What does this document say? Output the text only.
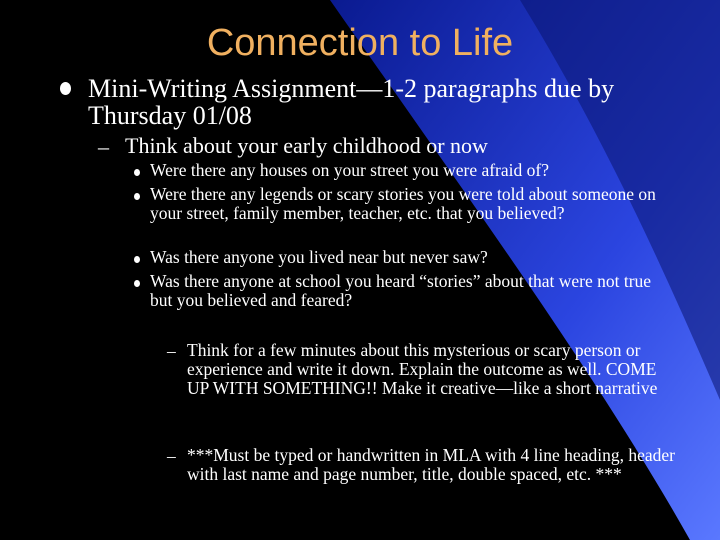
Connection to Life
Mini-Writing Assignment—1-2 paragraphs due by Thursday 01/08
– Think about your early childhood or now
Were there any houses on your street you were afraid of?
Were there any legends or scary stories you were told about someone on your street, family member, teacher, etc. that you believed?
Was there anyone you lived near but never saw?
Was there anyone at school you heard “stories” about that were not true but you believed and feared?
– Think for a few minutes about this mysterious or scary person or experience and write it down. Explain the outcome as well. COME UP WITH SOMETHING!! Make it creative—like a short narrative
– ***Must be typed or handwritten in MLA with 4 line heading, header with last name and page number, title, double spaced, etc. ***
